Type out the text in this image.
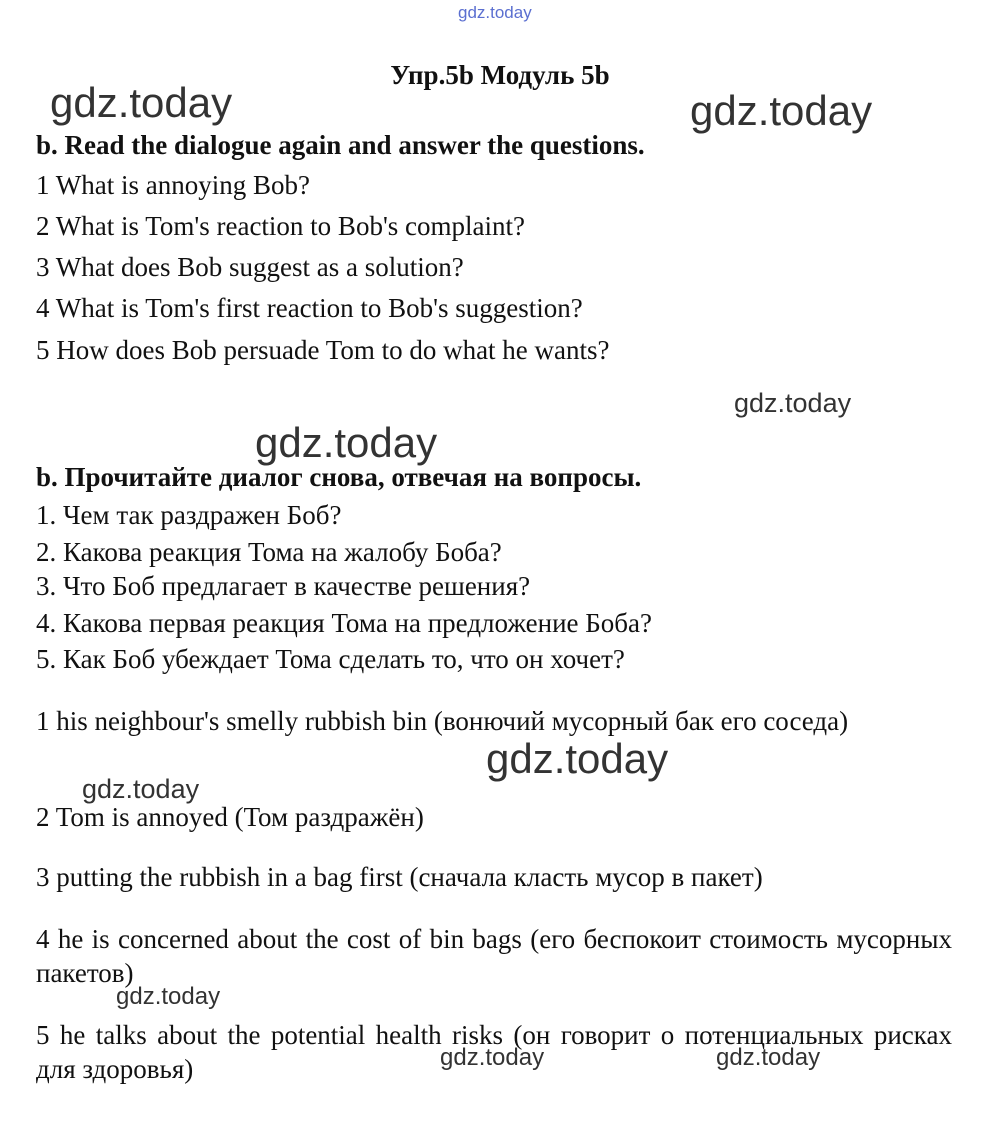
gdz.today
gdz.today	gdz.today
gdz.today
gdz.today
gdz.today
gdz.today
gdz.today
gdz.today	gdz.today
Упр.5b Модуль 5b
b. Read the dialogue again and answer the questions.
1 What is annoying Bob?
2 What is Tom's reaction to Bob's complaint?
3 What does Bob suggest as a solution?
4 What is Tom's first reaction to Bob's suggestion?
5 How does Bob persuade Tom to do what he wants?
b. Прочитайте диалог снова, отвечая на вопросы.
1. Чем так раздражен Боб?
2. Какова реакция Тома на жалобу Боба?
3. Что Боб предлагает в качестве решения?
4. Какова первая реакция Тома на предложение Боба?
5. Как Боб убеждает Тома сделать то, что он хочет?
1 his neighbour's smelly rubbish bin (вонючий мусорный бак его соседа)
2 Tom is annoyed (Том раздражён)
3 putting the rubbish in a bag first (сначала класть мусор в пакет)
4 he is concerned about the cost of bin bags (его беспокоит стоимость мусорных пакетов)
5 he talks about the potential health risks (он говорит о потенциальных рисках для здоровья)
